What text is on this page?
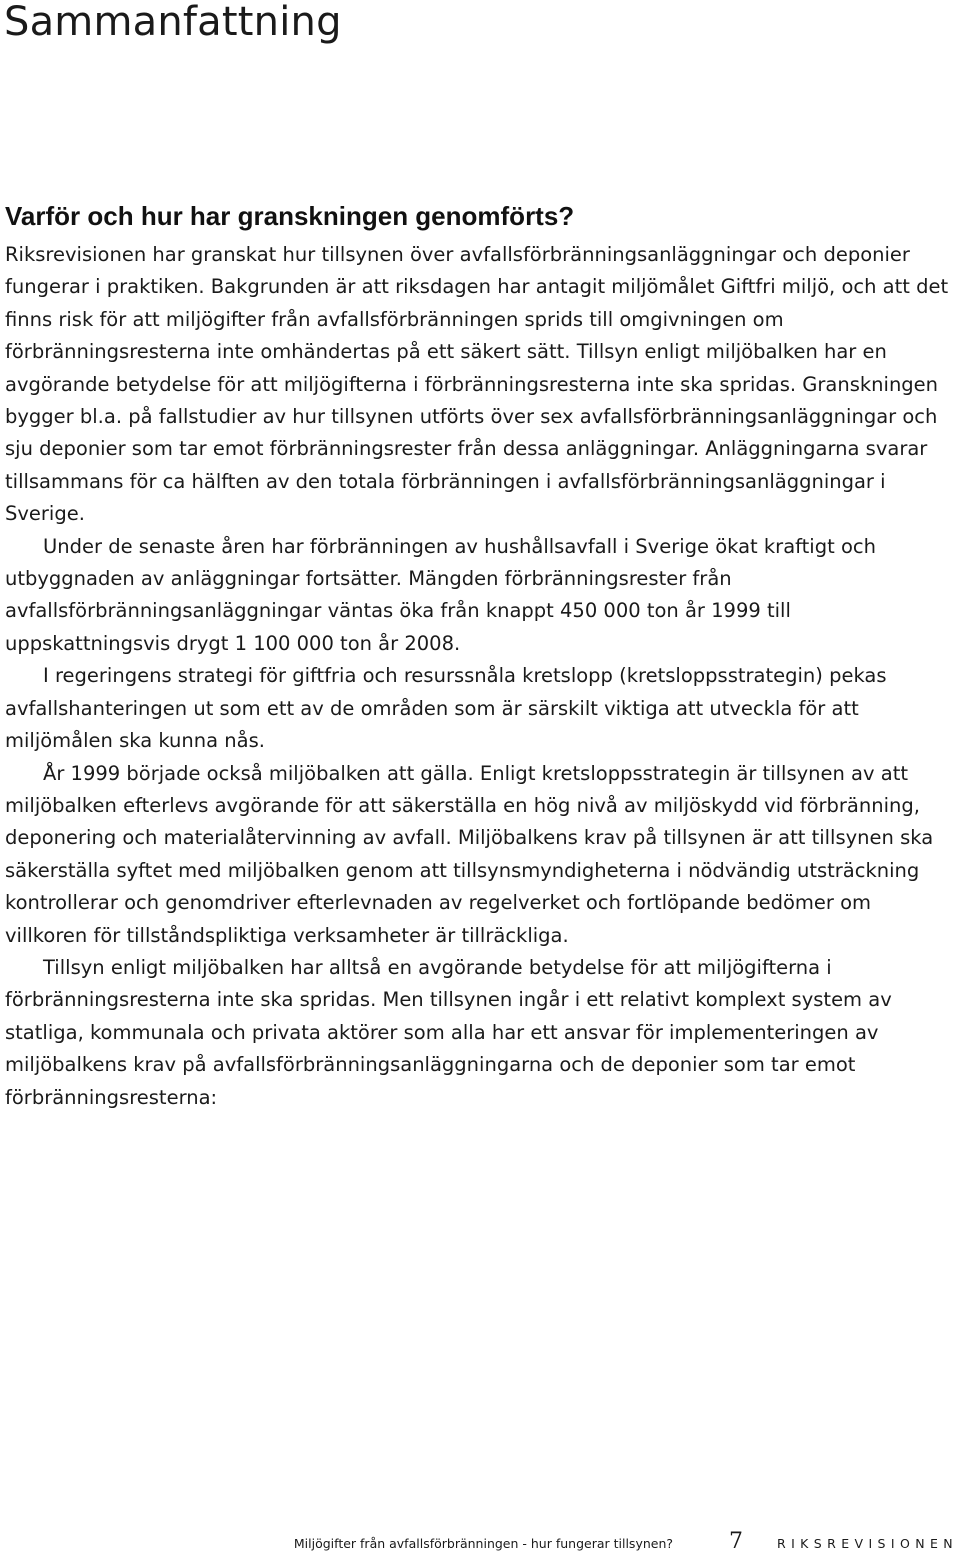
Sammanfattning
Varför och hur har granskningen genomförts?

Riksrevisionen har granskat hur tillsynen över avfallsförbränningsanläggningar och deponier fungerar i praktiken. Bakgrunden är att riksdagen har antagit miljömålet Giftfri miljö, och att det finns risk för att miljögifter från avfallsförbränningen sprids till omgivningen om förbränningsresterna inte omhändertas på ett säkert sätt. Tillsyn enligt miljöbalken har en avgörande betydelse för att miljögifterna i förbränningsresterna inte ska spridas. Granskningen bygger bl.a. på fallstudier av hur tillsynen utförts över sex avfallsförbränningsanläggningar och sju deponier som tar emot förbränningsrester från dessa anläggningar. Anläggningarna svarar tillsammans för ca hälften av den totala förbränningen i avfallsförbränningsanläggningar i Sverige.

Under de senaste åren har förbränningen av hushållsavfall i Sverige ökat kraftigt och utbyggnaden av anläggningar fortsätter. Mängden förbränningsrester från avfallsförbränningsanläggningar väntas öka från knappt 450 000 ton år 1999 till uppskattningsvis drygt 1 100 000 ton år 2008.

I regeringens strategi för giftfria och resurssnåla kretslopp (kretsloppsstrategin) pekas avfallshanteringen ut som ett av de områden som är särskilt viktiga att utveckla för att miljömålen ska kunna nås.

År 1999 började också miljöbalken att gälla. Enligt kretsloppsstrategin är tillsynen av att miljöbalken efterlevs avgörande för att säkerställa en hög nivå av miljöskydd vid förbränning, deponering och materialåtervinning av avfall. Miljöbalkens krav på tillsynen är att tillsynen ska säkerställa syftet med miljöbalken genom att tillsynsmyndigheterna i nödvändig utsträckning kontrollerar och genomdriver efterlevnaden av regelverket och fortlöpande bedömer om villkoren för tillståndspliktiga verksamheter är tillräckliga.

Tillsyn enligt miljöbalken har alltså en avgörande betydelse för att miljögifterna i förbränningsresterna inte ska spridas. Men tillsynen ingår i ett relativt komplext system av statliga, kommunala och privata aktörer som alla har ett ansvar för implementeringen av miljöbalkens krav på avfallsförbränningsanläggningarna och de deponier som tar emot förbränningsresterna:

Miljögifter från avfallsförbränningen - hur fungerar tillsynen?	7	RIKSREVISIONEN
